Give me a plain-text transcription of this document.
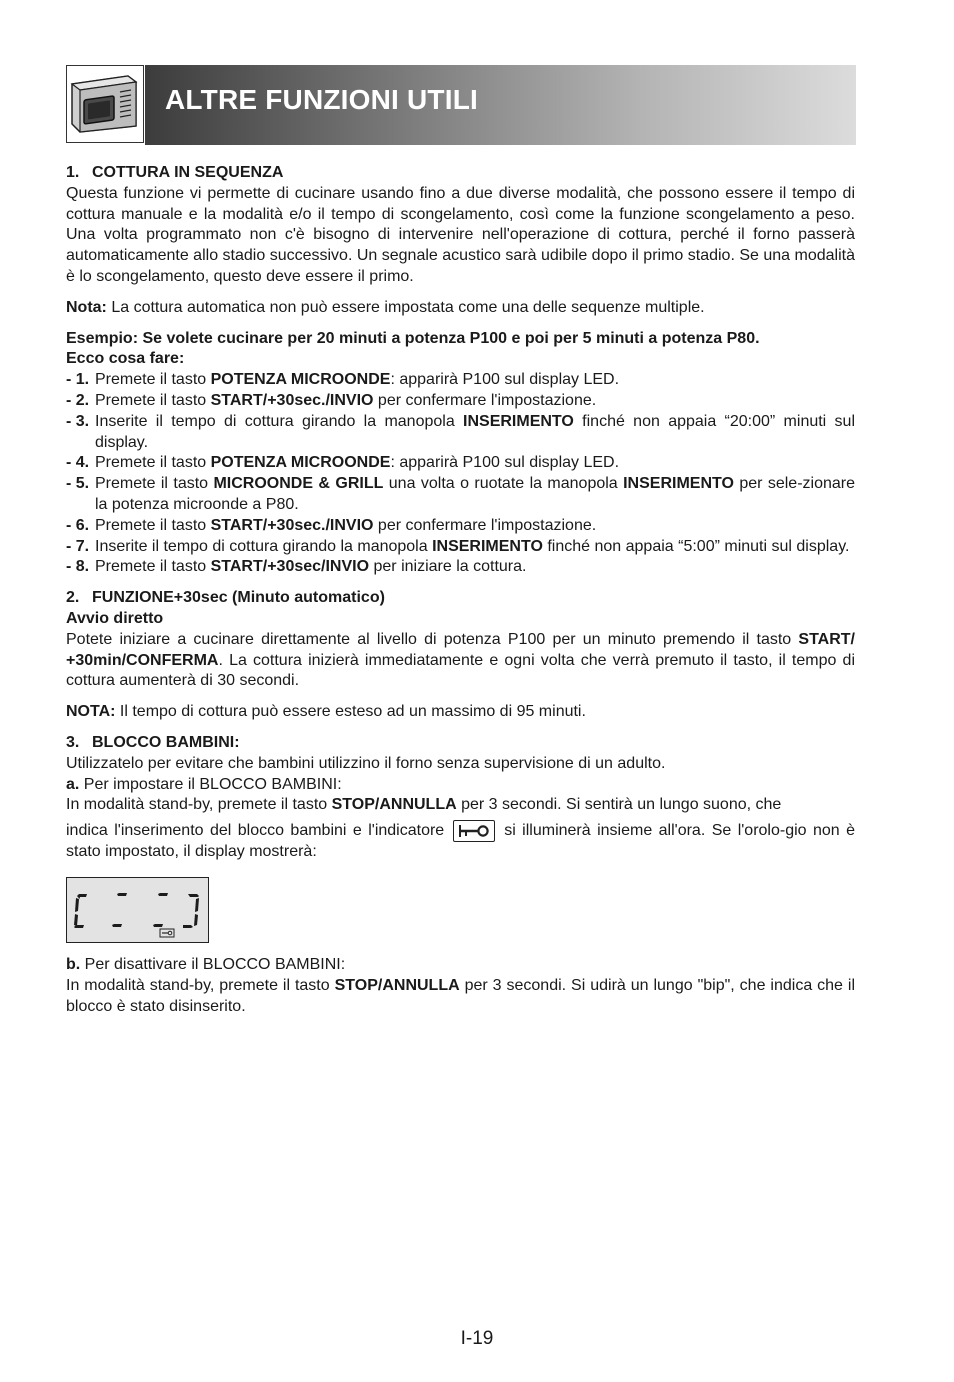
ALTRE FUNZIONI UTILI

1. COTTURA IN SEQUENZA

Questa funzione vi permette di cucinare usando fino a due diverse modalità, che possono essere il tempo di cottura manuale e la modalità e/o il tempo di scongelamento, così come la funzione scongelamento a peso. Una volta programmato non c'è bisogno di intervenire nell'operazione di cottura, perché il forno passerà automaticamente allo stadio successivo. Un segnale acustico sarà udibile dopo il primo stadio. Se una modalità è lo scongelamento, questo deve essere il primo.

Nota: La cottura automatica non può essere impostata come una delle sequenze multiple.

Esempio: Se volete cucinare per 20 minuti a potenza P100 e poi per 5 minuti a potenza P80.

Ecco cosa fare:

- 1. Premete il tasto POTENZA MICROONDE: apparirà P100 sul display LED.
- 2. Premete il tasto START/+30sec./INVIO per confermare l'impostazione.
- 3. Inserite il tempo di cottura girando la manopola INSERIMENTO finché non appaia “20:00” minuti sul display.
- 4. Premete il tasto POTENZA MICROONDE: apparirà P100 sul display LED.
- 5. Premete il tasto MICROONDE & GRILL una volta o ruotate la manopola INSERIMENTO per sele-zionare la potenza microonde a P80.
- 6. Premete il tasto START/+30sec./INVIO per confermare l'impostazione.
- 7. Inserite il tempo di cottura girando la manopola INSERIMENTO finché non appaia “5:00” minuti sul display.
- 8. Premete il tasto START/+30sec/INVIO per iniziare la cottura.

2. FUNZIONE+30sec (Minuto automatico)

Avvio diretto

Potete iniziare a cucinare direttamente al livello di potenza P100 per un minuto premendo il tasto START/ +30min/CONFERMA. La cottura inizierà immediatamente e ogni volta che verrà premuto il tasto, il tempo di cottura aumenterà di 30 secondi.

NOTA: Il tempo di cottura può essere esteso ad un massimo di 95 minuti.

3. BLOCCO BAMBINI:

Utilizzatelo per evitare che bambini utilizzino il forno senza supervisione di un adulto.

a. Per impostare il BLOCCO BAMBINI:

In modalità stand-by, premete il tasto STOP/ANNULLA per 3 secondi. Si sentirà un lungo suono, che

indica l'inserimento del blocco bambini e l'indicatore	si illuminerà insieme all'ora. Se l'orolo-gio non è stato impostato, il display mostrerà:

b. Per disattivare il BLOCCO BAMBINI:

In modalità stand-by, premete il tasto STOP/ANNULLA per 3 secondi. Si udirà un lungo "bip", che indica che il blocco è stato disinserito.

I-19
